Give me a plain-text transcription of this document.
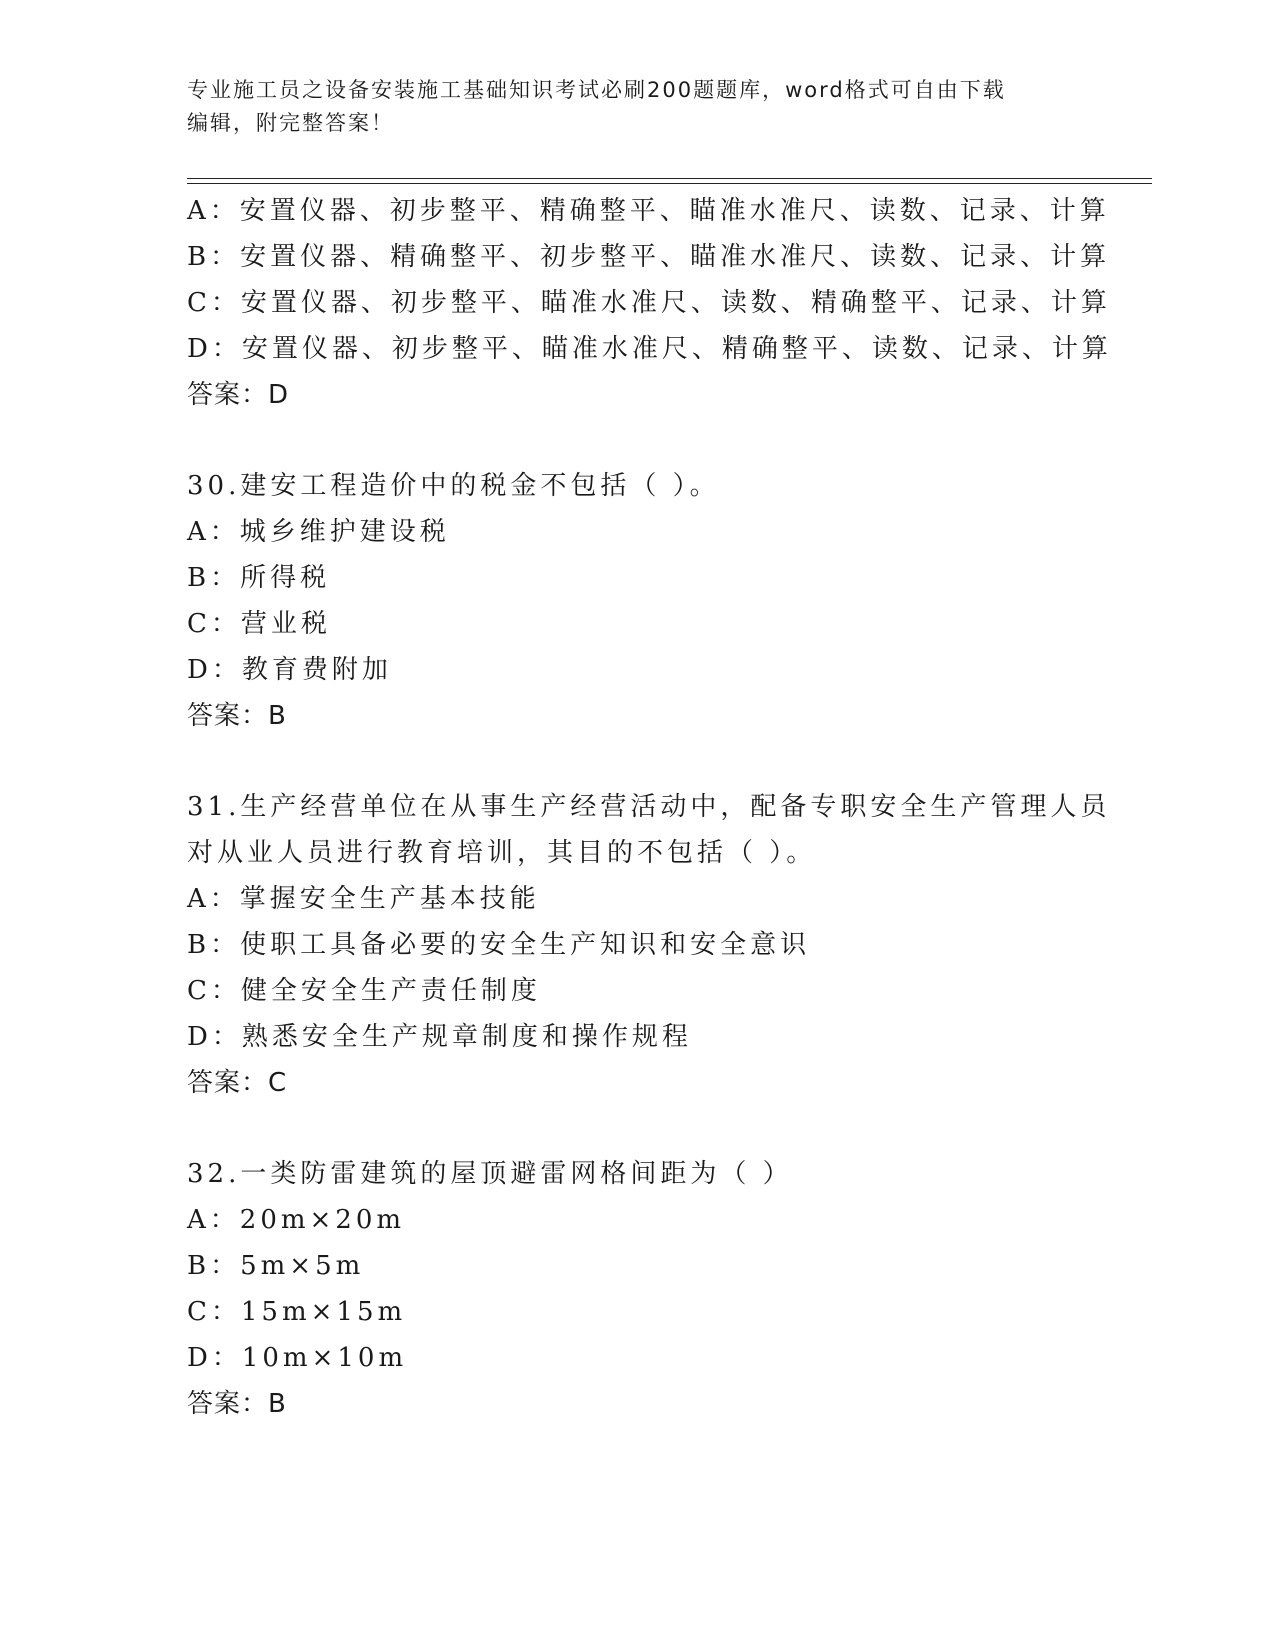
专业施工员之设备安装施工基础知识考试必刷200题题库，word格式可自由下载
编辑，附完整答案！
A：安置仪器、初步整平、精确整平、瞄准水准尺、读数、记录、计算
B：安置仪器、精确整平、初步整平、瞄准水准尺、读数、记录、计算
C：安置仪器、初步整平、瞄准水准尺、读数、精确整平、记录、计算
D：安置仪器、初步整平、瞄准水准尺、精确整平、读数、记录、计算
答案：D
30.建安工程造价中的税金不包括（ ）。
A：城乡维护建设税
B：所得税
C：营业税
D：教育费附加
答案：B
31.生产经营单位在从事生产经营活动中，配备专职安全生产管理人员
对从业人员进行教育培训，其目的不包括（ ）。
A：掌握安全生产基本技能
B：使职工具备必要的安全生产知识和安全意识
C：健全安全生产责任制度
D：熟悉安全生产规章制度和操作规程
答案：C
32.一类防雷建筑的屋顶避雷网格间距为（ ）
A：20m×20m
B：5m×5m
C：15m×15m
D：10m×10m
答案：B
